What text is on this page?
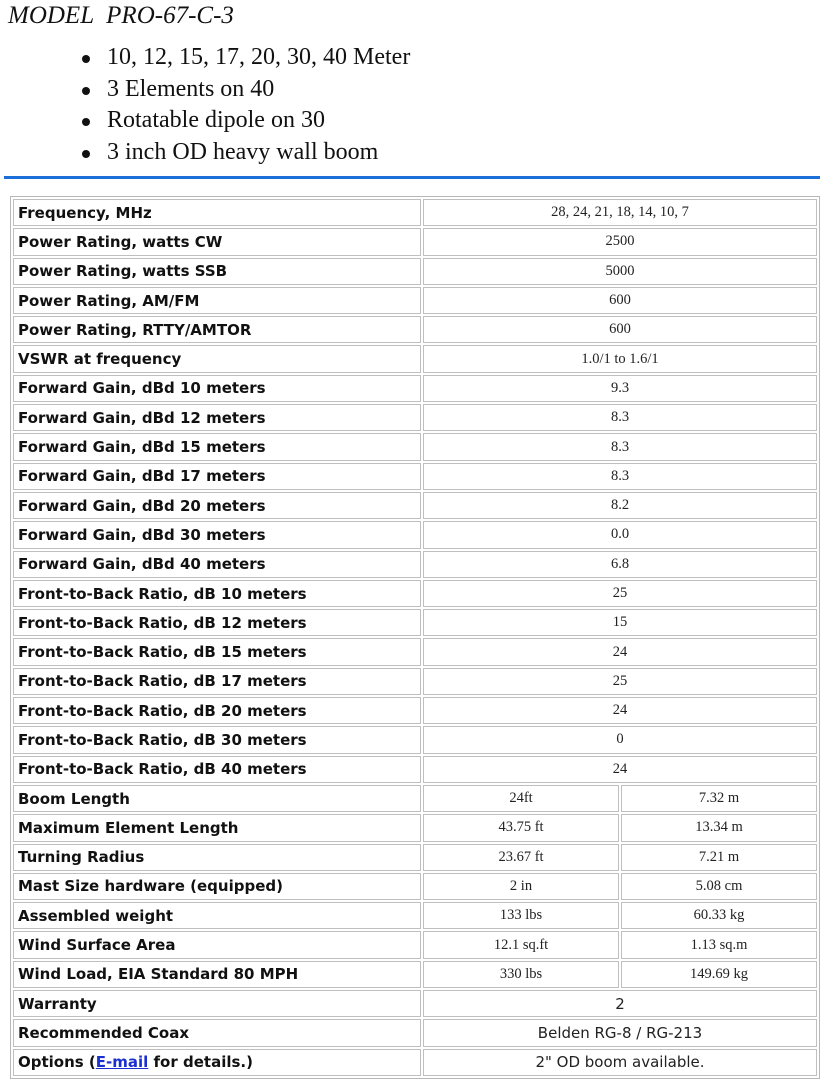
MODEL  PRO-67-C-3
10, 12, 15, 17, 20, 30, 40 Meter
3 Elements on 40
Rotatable dipole on 30
3 inch OD heavy wall boom
Frequency, MHz	28, 24, 21, 18, 14, 10, 7	
Power Rating, watts CW	2500	
Power Rating, watts SSB	5000	
Power Rating, AM/FM	600	
Power Rating, RTTY/AMTOR	600	
VSWR at frequency	1.0/1 to 1.6/1	
Forward Gain, dBd 10 meters	9.3	
Forward Gain, dBd 12 meters	8.3	
Forward Gain, dBd 15 meters	8.3	
Forward Gain, dBd 17 meters	8.3	
Forward Gain, dBd 20 meters	8.2	
Forward Gain, dBd 30 meters	0.0	
Forward Gain, dBd 40 meters	6.8	
Front-to-Back Ratio, dB 10 meters	25	
Front-to-Back Ratio, dB 12 meters	15	
Front-to-Back Ratio, dB 15 meters	24	
Front-to-Back Ratio, dB 17 meters	25	
Front-to-Back Ratio, dB 20 meters	24	
Front-to-Back Ratio, dB 30 meters	0	
Front-to-Back Ratio, dB 40 meters	24	
Boom Length	24ft	7.32 m
Maximum Element Length	43.75 ft	13.34 m
Turning Radius	23.67 ft	7.21 m
Mast Size hardware (equipped)	2 in	5.08 cm
Assembled weight	133 lbs	60.33 kg
Wind Surface Area	12.1 sq.ft	1.13 sq.m
Wind Load, EIA Standard 80 MPH	330 lbs	149.69 kg
Warranty	2	
Recommended Coax	Belden RG-8 / RG-213	
Options (E-mail for details.)	2" OD boom available.	
